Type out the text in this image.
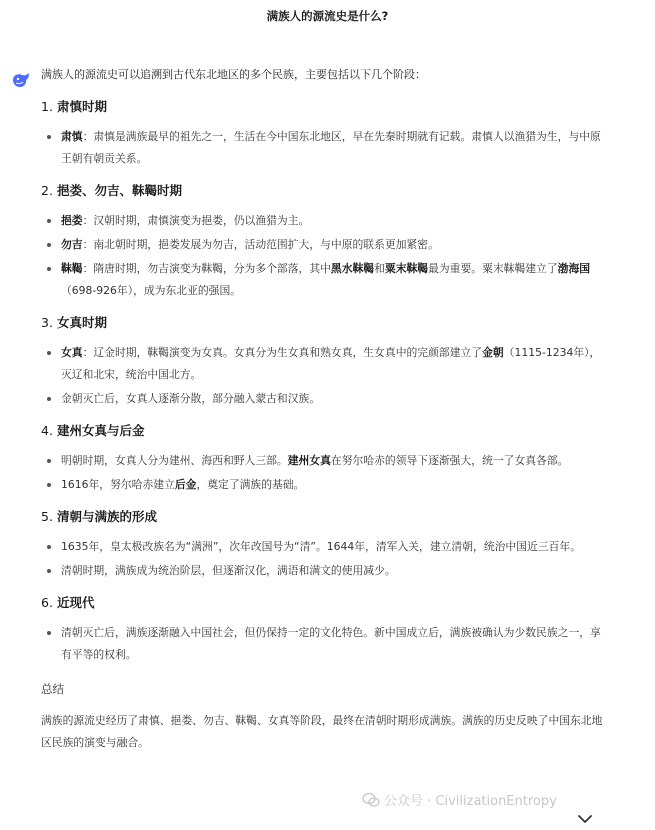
满族人的源流史是什么?

满族人的源流史可以追溯到古代东北地区的多个民族，主要包括以下几个阶段：

1. 肃慎时期
肃慎：肃慎是满族最早的祖先之一，生活在今中国东北地区，早在先秦时期就有记载。肃慎人以渔猎为生，与中原王朝有朝贡关系。
2. 挹娄、勿吉、靺鞨时期
挹娄：汉朝时期，肃慎演变为挹娄，仍以渔猎为主。
勿吉：南北朝时期，挹娄发展为勿吉，活动范围扩大，与中原的联系更加紧密。
靺鞨：隋唐时期，勿吉演变为靺鞨，分为多个部落，其中黑水靺鞨和粟末靺鞨最为重要。粟末靺鞨建立了渤海国（698-926年），成为东北亚的强国。
3. 女真时期
女真：辽金时期，靺鞨演变为女真。女真分为生女真和熟女真，生女真中的完颜部建立了金朝（1115-1234年），灭辽和北宋，统治中国北方。
金朝灭亡后，女真人逐渐分散，部分融入蒙古和汉族。
4. 建州女真与后金
明朝时期，女真人分为建州、海西和野人三部。建州女真在努尔哈赤的领导下逐渐强大，统一了女真各部。
1616年，努尔哈赤建立后金，奠定了满族的基础。
5. 清朝与满族的形成
1635年，皇太极改族名为“满洲”，次年改国号为“清”。1644年，清军入关，建立清朝，统治中国近三百年。
清朝时期，满族成为统治阶层，但逐渐汉化，满语和满文的使用减少。
6. 近现代
清朝灭亡后，满族逐渐融入中国社会，但仍保持一定的文化特色。新中国成立后，满族被确认为少数民族之一，享有平等的权利。
总结

满族的源流史经历了肃慎、挹娄、勿吉、靺鞨、女真等阶段，最终在清朝时期形成满族。满族的历史反映了中国东北地区民族的演变与融合。

公众号 · CivilizationEntropy
